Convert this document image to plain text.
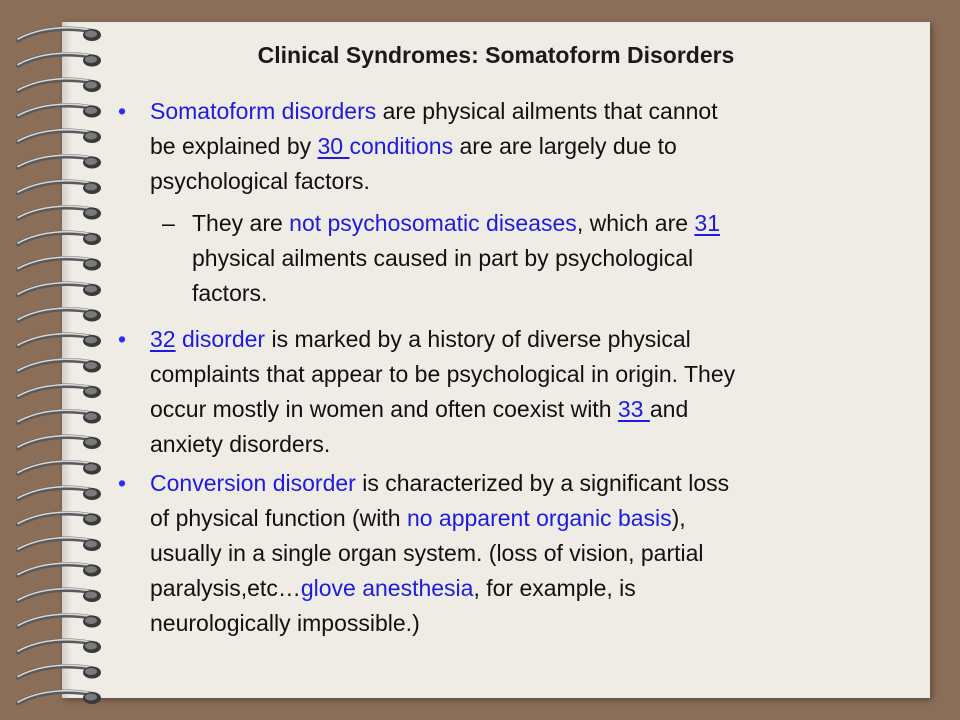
Clinical Syndromes: Somatoform Disorders
• Somatoform disorders are physical ailments that cannot
be explained by 30 conditions are are largely due to
psychological factors.
– They are not psychosomatic diseases, which are 31
physical ailments caused in part by psychological
factors.
• 32 disorder is marked by a history of diverse physical
complaints that appear to be psychological in origin. They
occur mostly in women and often coexist with 33 and
anxiety disorders.
• Conversion disorder is characterized by a significant loss
of physical function (with no apparent organic basis),
usually in a single organ system. (loss of vision, partial
paralysis,etc…glove anesthesia, for example, is
neurologically impossible.)
